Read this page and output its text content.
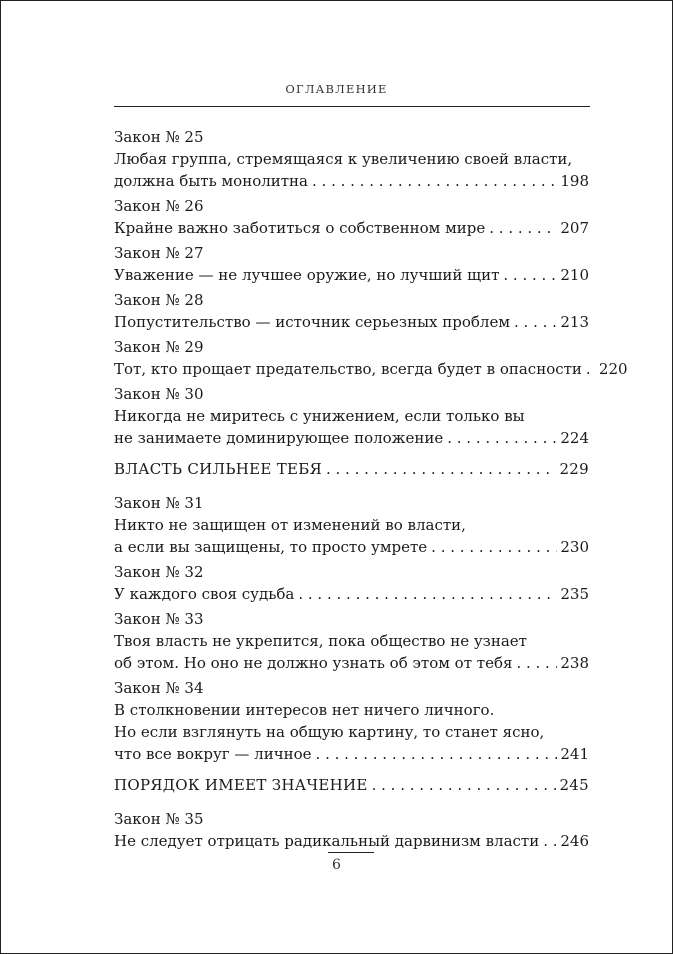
ОГЛАВЛЕНИЕ
Закон № 25
Любая группа, стремящаяся к увеличению своей власти,
должна быть монолитна . . .	198
Закон № 26
Крайне важно заботиться о собственном мире . . .	207
Закон № 27
Уважение — не лучшее оружие, но лучший щит . . .	210
Закон № 28
Попустительство — источник серьезных проблем . . .	213
Закон № 29
Тот, кто прощает предательство, всегда будет в опасности . . . 220
Закон № 30
Никогда не миритесь с унижением, если только вы
не занимаете доминирующее положение . . .	224
ВЛАСТЬ СИЛЬНЕЕ ТЕБЯ . . .	229
Закон № 31
Никто не защищен от изменений во власти,
а если вы защищены, то просто умрете . . .	230
Закон № 32
У каждого своя судьба . . .	235
Закон № 33
Твоя власть не укрепится, пока общество не узнает
об этом. Но оно не должно узнать об этом от тебя . . .	238
Закон № 34
В столкновении интересов нет ничего личного.
Но если взглянуть на общую картину, то станет ясно,
что все вокруг — личное . . .	241
ПОРЯДОК ИМЕЕТ ЗНАЧЕНИЕ . . .	245
Закон № 35
Не следует отрицать радикальный дарвинизм власти . . . 246
6
